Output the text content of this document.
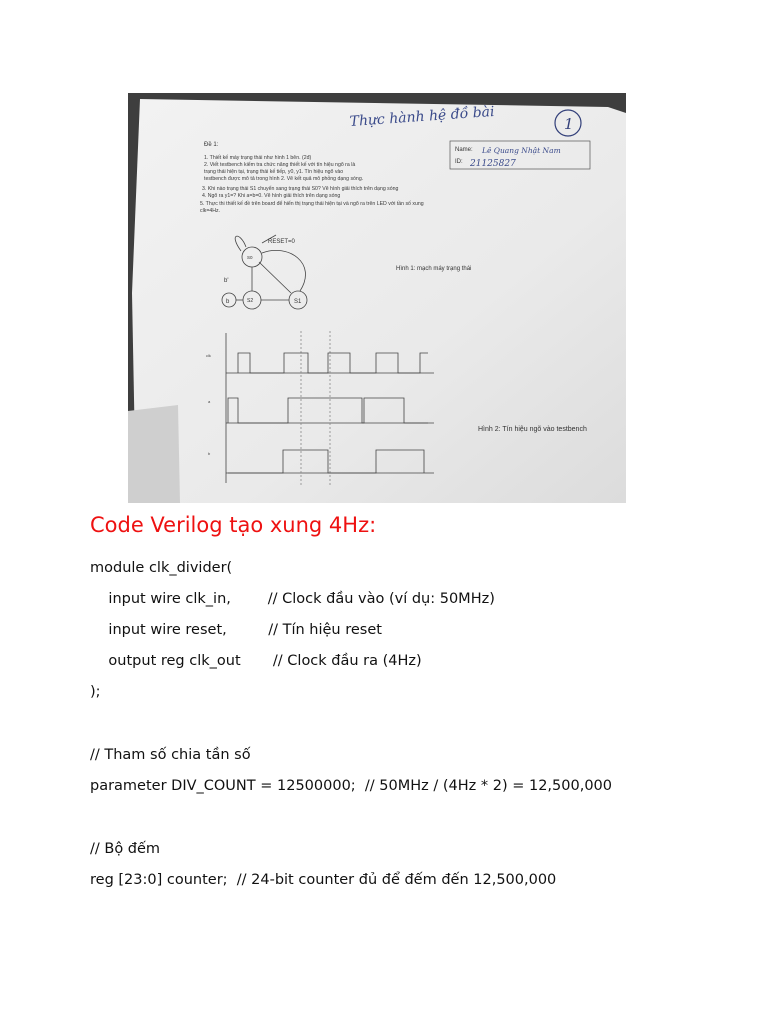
Thực hành hệ đồ bài	1
Đề 1:
Name: Lê Quang Nhật Nam
ID: 21125827
1. Thiết kế máy trạng thái như hình 1 bên. (2đ)
2. Viết testbench kiểm tra chức năng thiết kế với tín hiệu ngõ ra là
trạng thái hiện tại, trạng thái kế tiếp, y0, y1. Tín hiệu ngõ vào
testbench được mô tả trong hình 2. Vẽ kết quả mô phỏng dạng sóng.
3. Khi nào trạng thái S1 chuyển sang trạng thái S0? Vẽ hình giải thích trên dạng sóng
4. Ngõ ra y1=? Khi a=b=0. Vẽ hình giải thích trên dạng sóng
5. Thực thi thiết kế đề trên board để hiển thị trạng thái hiện tại và ngõ ra trên LED với tần số xung
clk=4Hz.
RESET=0
S0
S2	S1
b'
b
Hình 1: mạch máy trạng thái
clk
a
b
Hình 2: Tín hiệu ngõ vào testbench
Code Verilog tạo xung 4Hz:
module clk_divider(
input wire clk_in,        // Clock đầu vào (ví dụ: 50MHz)
input wire reset,         // Tín hiệu reset
output reg clk_out       // Clock đầu ra (4Hz)
);
// Tham số chia tần số
parameter DIV_COUNT = 12500000;  // 50MHz / (4Hz * 2) = 12,500,000
// Bộ đếm
reg [23:0] counter;  // 24-bit counter đủ để đếm đến 12,500,000
